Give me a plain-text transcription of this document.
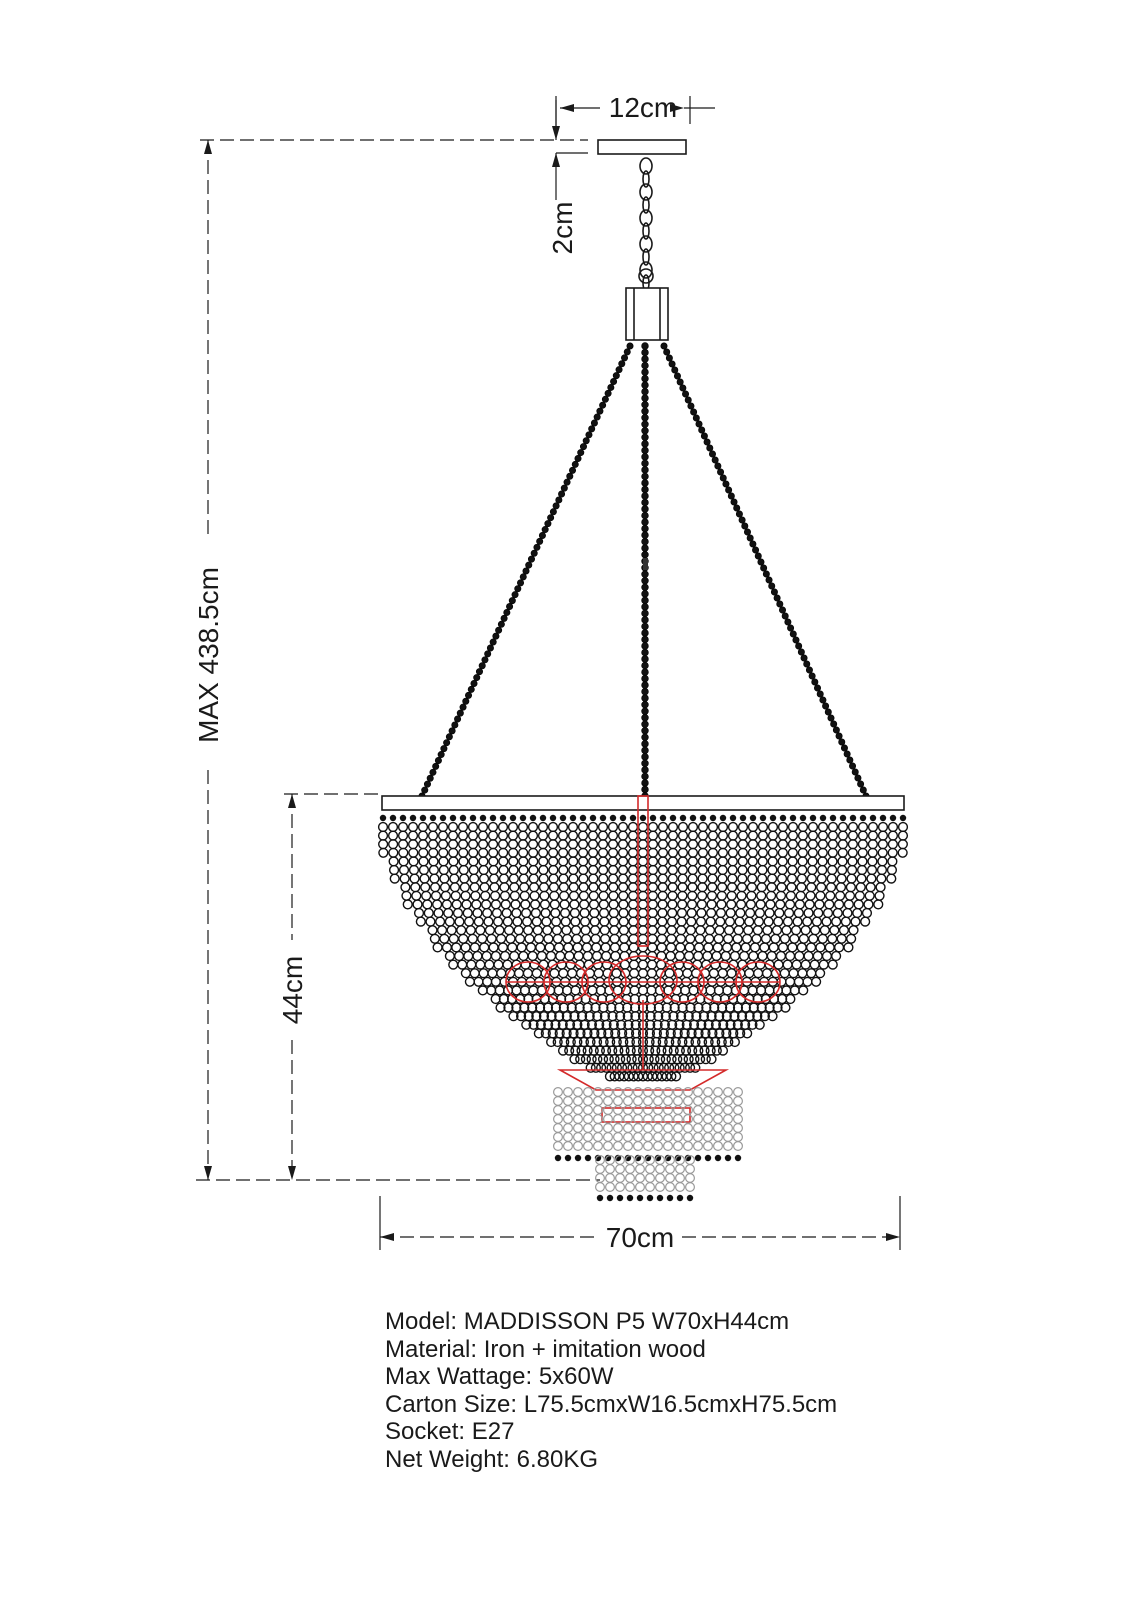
12cm
2cm
MAX 438.5cm
44cm
70cm
Model: MADDISSON P5 W70xH44cm
Material: Iron + imitation wood
Max Wattage: 5x60W
Carton Size: L75.5cmxW16.5cmxH75.5cm
Socket: E27
Net Weight: 6.80KG
